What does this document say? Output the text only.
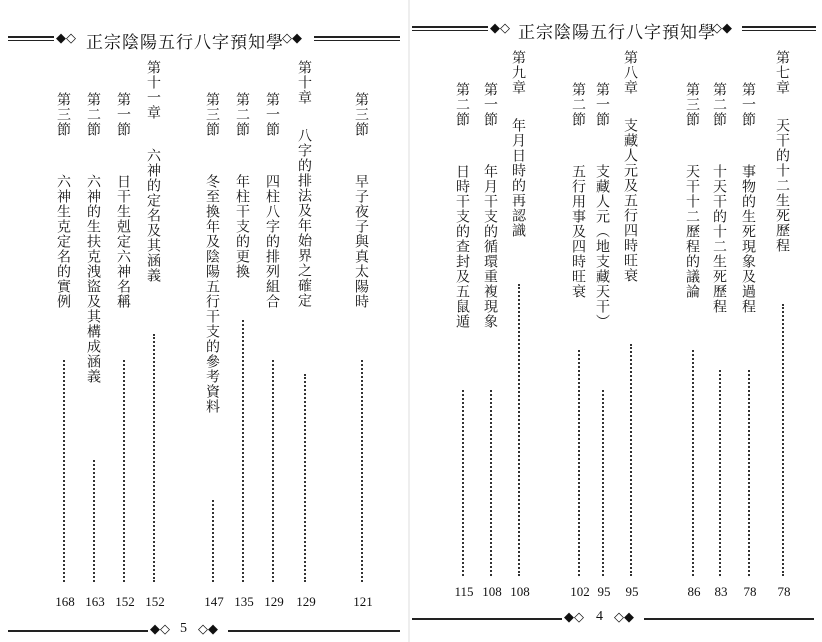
◆◇ 正宗陰陽五行八字預知學
◇◆
第三節
早子夜子與真太陽時
121
第十章
八字的排法及年始界之確定
129
第一節
四柱八字的排列組合
129
第二節
年柱干支的更換
135
第三節
冬至換年及陰陽五行干支的參考資料
147
第十一章
六神的定名及其涵義
152
第一節
日干生剋定六神名稱
152
第二節
六神的生扶克洩盜及其構成涵義
163
第三節
六神生克定名的實例
168
◆◇ 5 ◇◆
◆◇ 正宗陰陽五行八字預知學
◇◆
第七章
天干的十二生死歷程
78
第一節
事物的生死現象及過程
78
第二節
十天干的十二生死歷程
83
第三節
天干十二歷程的議論
86
第八章
支藏人元及五行四時旺衰
95
第一節
支藏人元（地支藏天干）
95
第二節
五行用事及四時旺衰
102
第九章
年月日時的再認識
108
第一節
年月干支的循環重複現象
108
第二節
日時干支的查封及五鼠遁
115
◆◇ 4 ◇◆
